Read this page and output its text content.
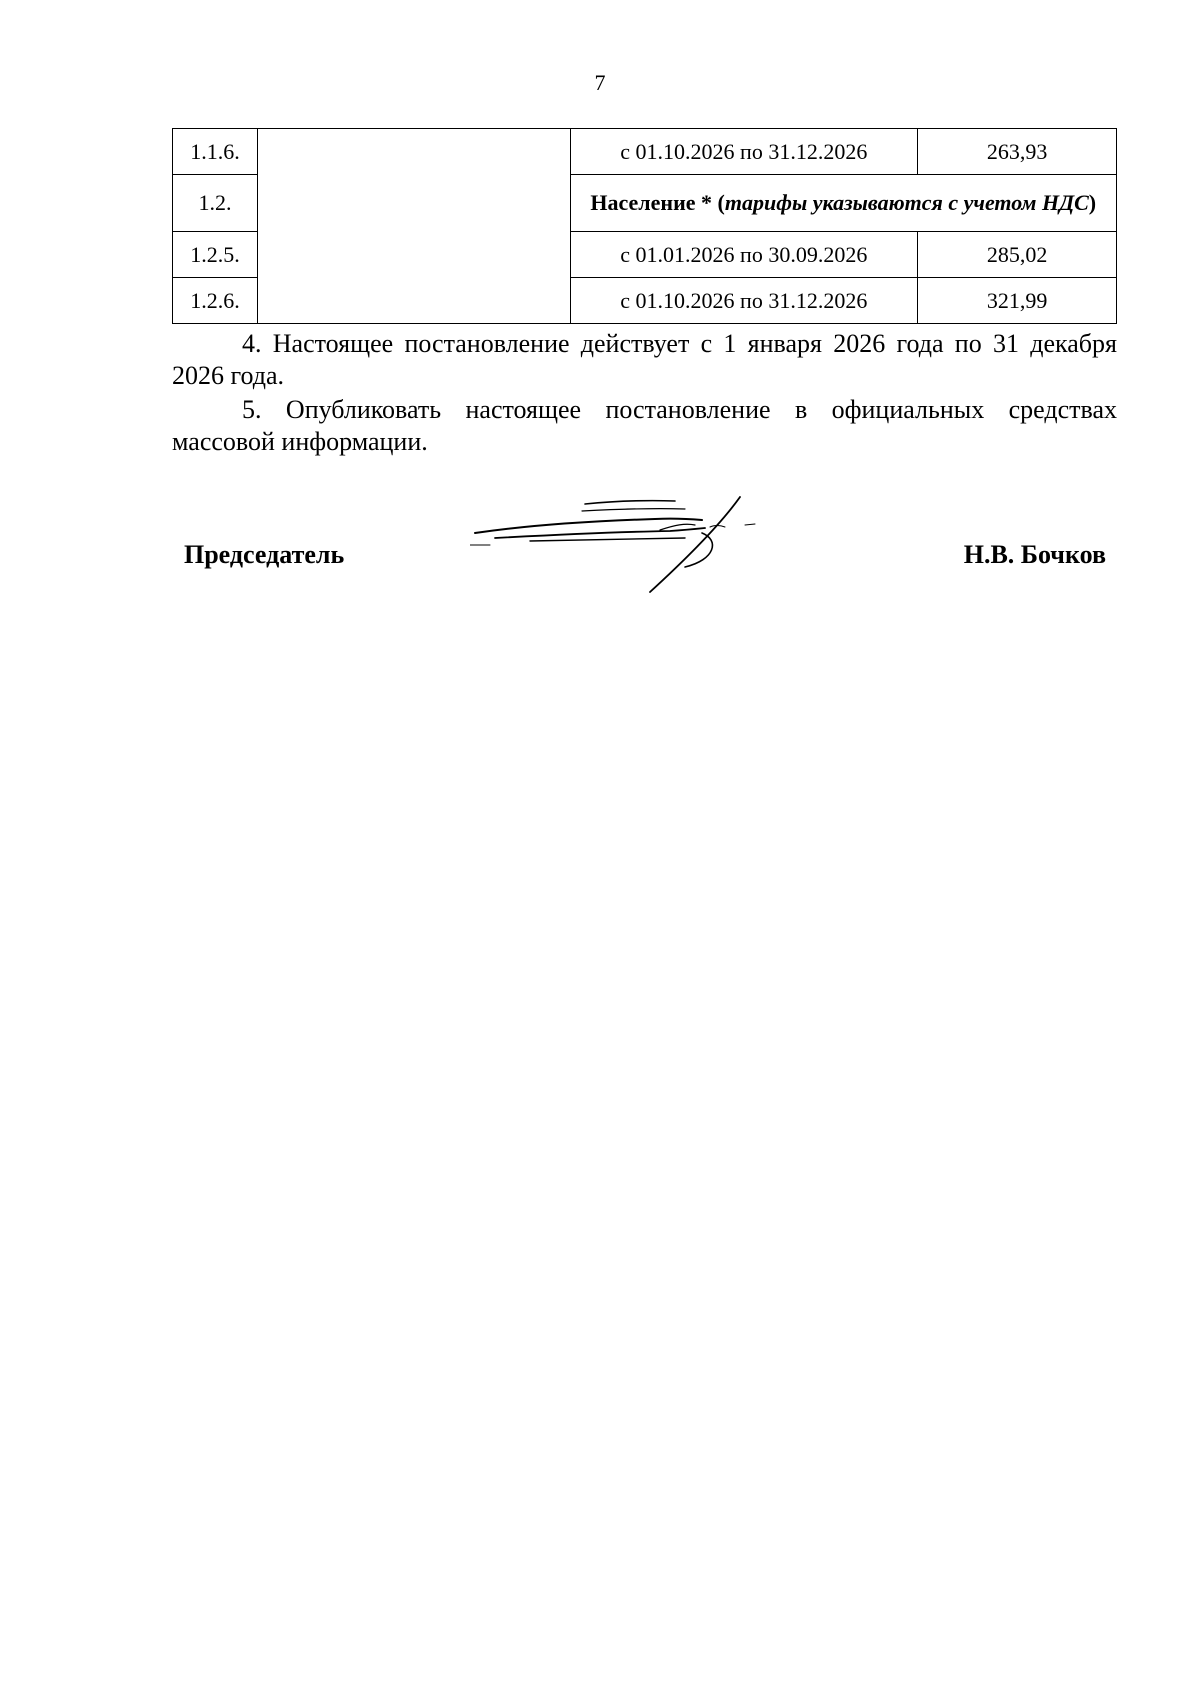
7
1.1.6.		с 01.10.2026 по 31.12.2026	263,93
1.2.		Население * (тарифы указываются с учетом НДС)	
1.2.5.		с 01.01.2026 по 30.09.2026	285,02
1.2.6.		с 01.10.2026 по 31.12.2026	321,99

4. Настоящее постановление действует с 1 января 2026 года по 31 декабря 2026 года.

5. Опубликовать настоящее постановление в официальных средствах массовой информации.

Председатель	Н.В. Бочков
